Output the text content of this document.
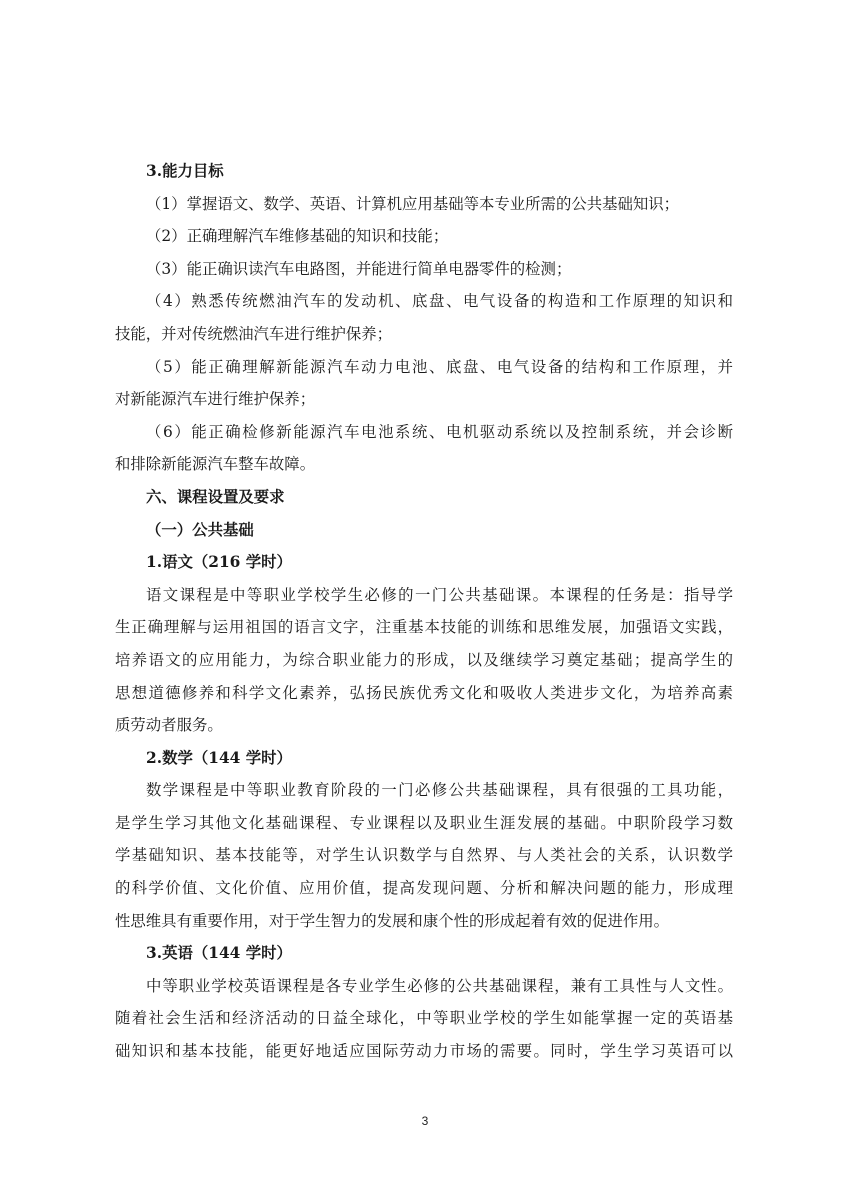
3.能力目标
（1）掌握语文、数学、英语、计算机应用基础等本专业所需的公共基础知识；
（2）正确理解汽车维修基础的知识和技能；
（3）能正确识读汽车电路图，并能进行简单电器零件的检测；
（4）熟悉传统燃油汽车的发动机、底盘、电气设备的构造和工作原理的知识和
技能，并对传统燃油汽车进行维护保养；
（5）能正确理解新能源汽车动力电池、底盘、电气设备的结构和工作原理，并
对新能源汽车进行维护保养；
（6）能正确检修新能源汽车电池系统、电机驱动系统以及控制系统，并会诊断
和排除新能源汽车整车故障。
六、课程设置及要求
（一）公共基础
1.语文（216 学时）
语文课程是中等职业学校学生必修的一门公共基础课。本课程的任务是：指导学
生正确理解与运用祖国的语言文字，注重基本技能的训练和思维发展，加强语文实践，
培养语文的应用能力，为综合职业能力的形成，以及继续学习奠定基础；提高学生的
思想道德修养和科学文化素养，弘扬民族优秀文化和吸收人类进步文化，为培养高素
质劳动者服务。
2.数学（144 学时）
数学课程是中等职业教育阶段的一门必修公共基础课程，具有很强的工具功能，
是学生学习其他文化基础课程、专业课程以及职业生涯发展的基础。中职阶段学习数
学基础知识、基本技能等，对学生认识数学与自然界、与人类社会的关系，认识数学
的科学价值、文化价值、应用价值，提高发现问题、分析和解决问题的能力，形成理
性思维具有重要作用，对于学生智力的发展和康个性的形成起着有效的促进作用。
3.英语（144 学时）
中等职业学校英语课程是各专业学生必修的公共基础课程，兼有工具性与人文性。
随着社会生活和经济活动的日益全球化，中等职业学校的学生如能掌握一定的英语基
础知识和基本技能，能更好地适应国际劳动力市场的需要。同时，学生学习英语可以
3
